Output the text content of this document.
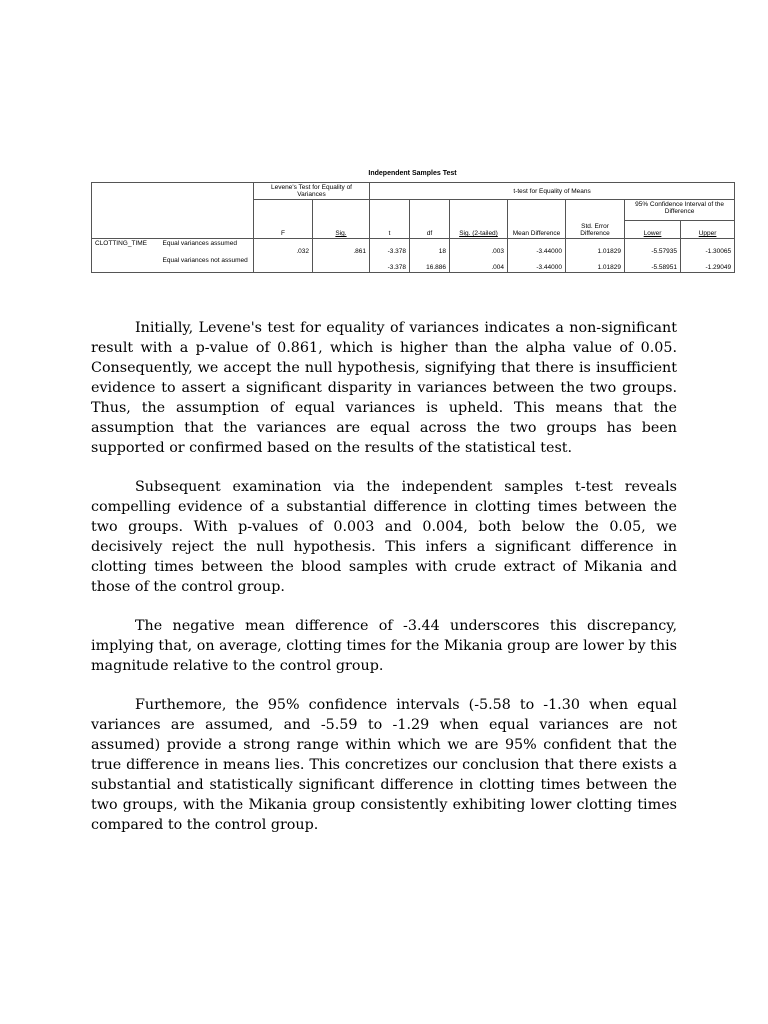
Independent Samples Test
		Levene's Test for Equality of Variances		t-test for Equality of Means						
									95% Confidence Interval of the Difference	
		F	Sig.	t	df	Sig. (2-tailed)	Mean Difference	Std. Error Difference	Lower	Upper
CLOTTING_TIME	Equal variances assumed	.032	.861	-3.378	18	.003	-3.44000	1.01829	-5.57935	-1.30065
	Equal variances not assumed			-3.378	16.886	.004	-3.44000	1.01829	-5.58951	-1.29049

Initially, Levene's test for equality of variances indicates a non-significant result with a p-value of 0.861, which is higher than the alpha value of 0.05. Consequently, we accept the null hypothesis, signifying that there is insufficient evidence to assert a significant disparity in variances between the two groups. Thus, the assumption of equal variances is upheld. This means that the assumption that the variances are equal across the two groups has been supported or confirmed based on the results of the statistical test.

Subsequent examination via the independent samples t-test reveals compelling evidence of a substantial difference in clotting times between the two groups. With p-values of 0.003 and 0.004, both below the 0.05, we decisively reject the null hypothesis. This infers a significant difference in clotting times between the blood samples with crude extract of Mikania and those of the control group.

The negative mean difference of -3.44 underscores this discrepancy, implying that, on average, clotting times for the Mikania group are lower by this magnitude relative to the control group.

Furthemore, the 95% confidence intervals (-5.58 to -1.30 when equal variances are assumed, and -5.59 to -1.29 when equal variances are not assumed) provide a strong range within which we are 95% confident that the true difference in means lies. This concretizes our conclusion that there exists a substantial and statistically significant difference in clotting times between the two groups, with the Mikania group consistently exhibiting lower clotting times compared to the control group.
